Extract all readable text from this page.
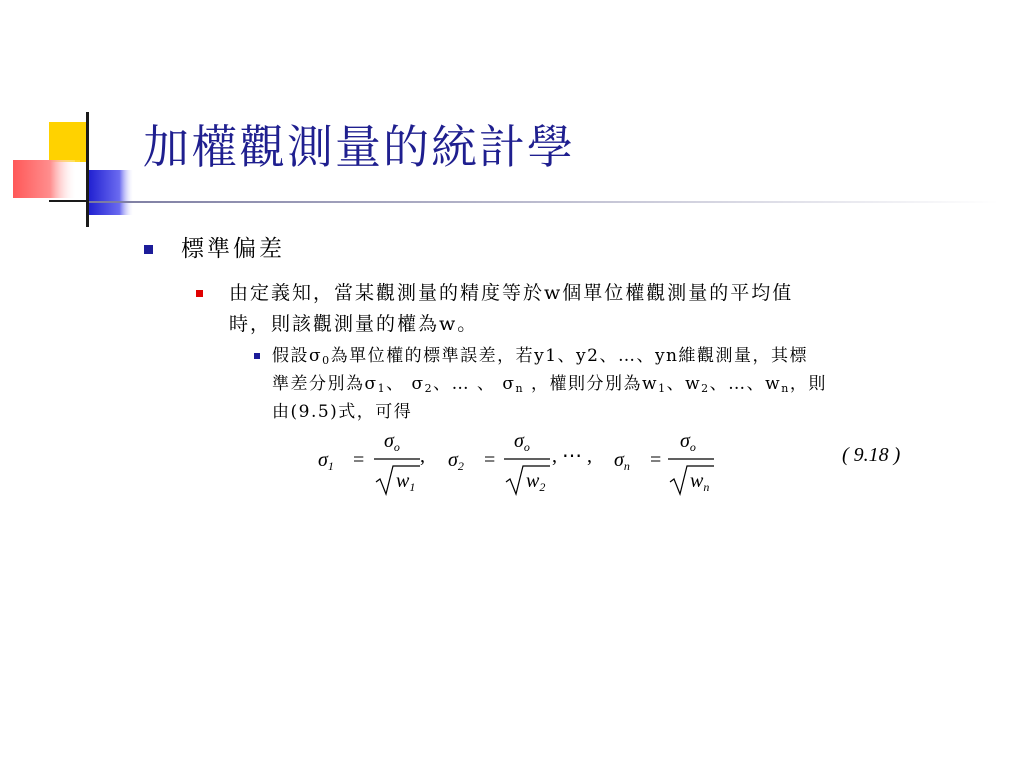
加權觀測量的統計學
標準偏差
由定義知，當某觀測量的精度等於w個單位權觀測量的平均值
時，則該觀測量的權為w。
假設$\sigma_0$為單位權的標準誤差，若y1、y2、…、yn維觀測量，其標
準差分別為$\sigma_1$、 $\sigma_2$、… 、 $\sigma_n$ ，權則分別為$w_1$、$w_2$、…、$w_n$，則
由(9.5)式，可得
$\sigma_1$ =
$\sigma_o$ ,
$w_1$
$\sigma_2$ =
$\sigma_o$
$w_2$
, ⋯ , $\sigma_n$ =
$\sigma_o$
$w_n$
( 9.18 )
